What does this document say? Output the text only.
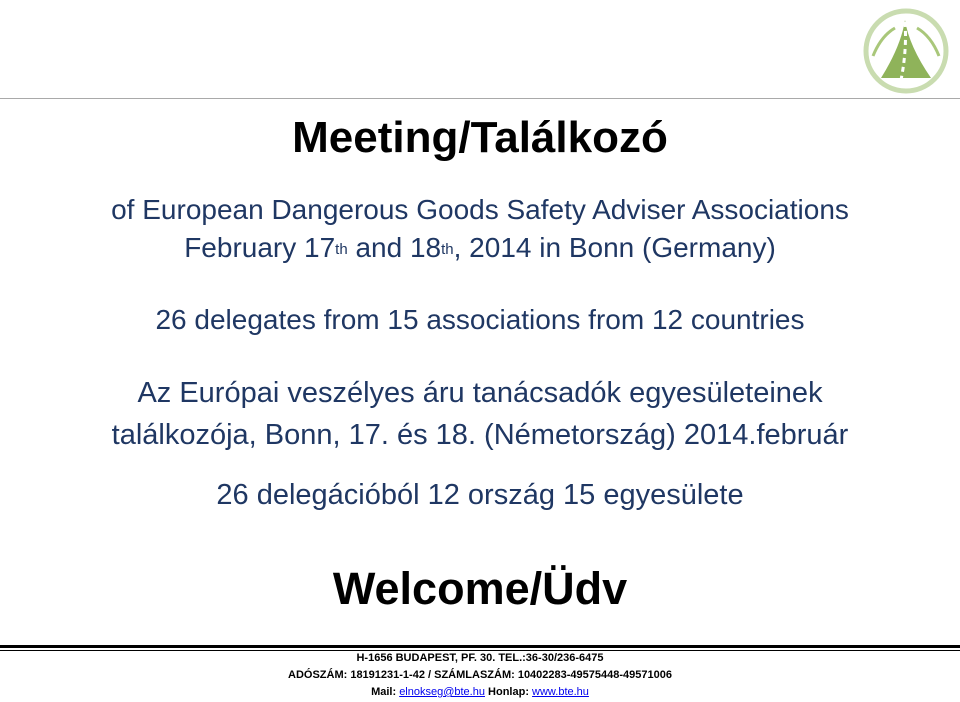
Meeting/Találkozó
of European Dangerous Goods Safety Adviser Associations
February 17th and 18th, 2014 in Bonn (Germany)
26 delegates from 15 associations from 12 countries
Az Európai veszélyes áru tanácsadók egyesületeinek
találkozója, Bonn, 17. és 18. (Németország) 2014.február
26 delegációból 12 ország 15 egyesülete
Welcome/Üdv
H-1656 BUDAPEST, PF. 30. TEL.:36-30/236-6475
ADÓSZÁM: 18191231-1-42 / SZÁMLASZÁM: 10402283-49575448-49571006
Mail: elnokseg@bte.hu Honlap: www.bte.hu
